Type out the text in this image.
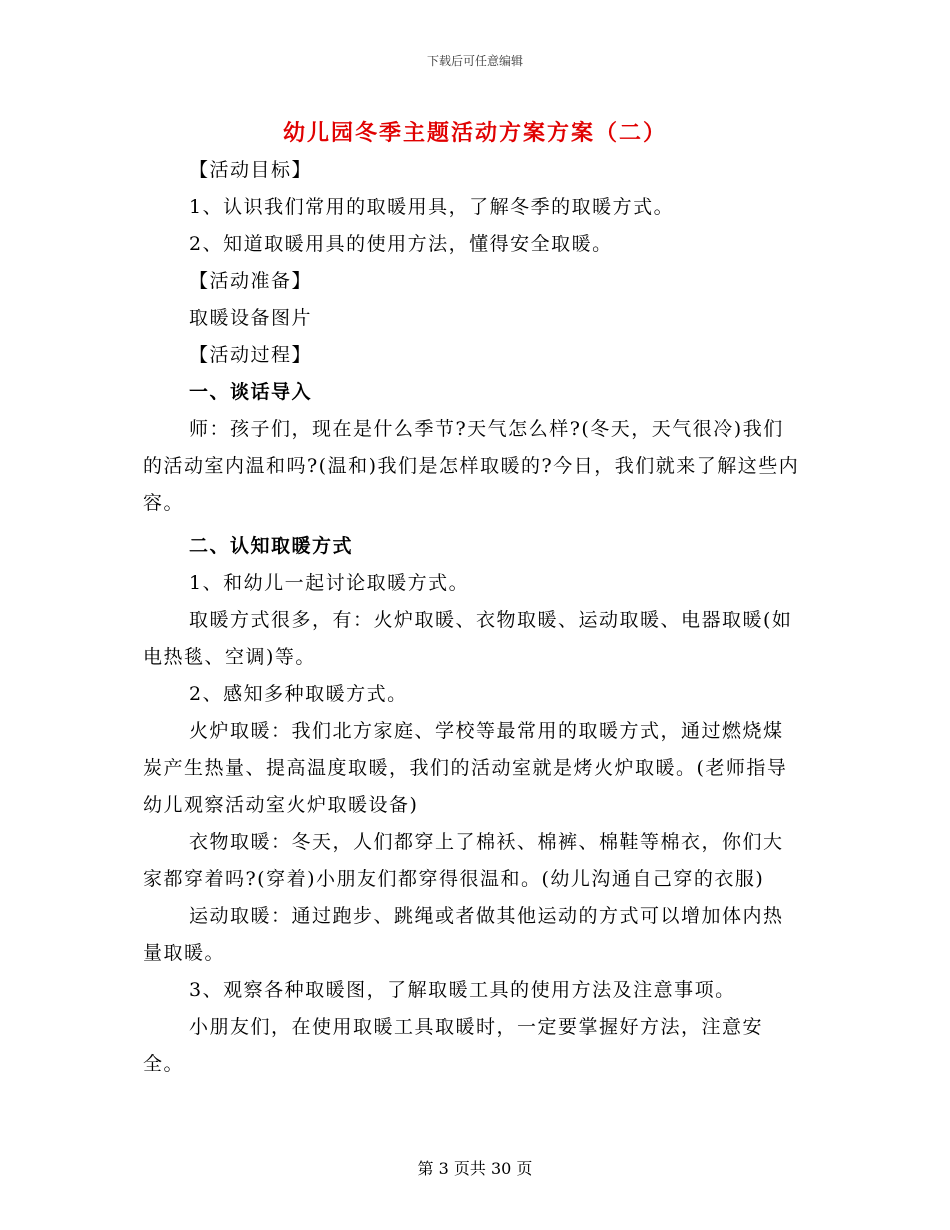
下载后可任意编辑
幼儿园冬季主题活动方案方案（二）

【活动目标】

1、认识我们常用的取暖用具，了解冬季的取暖方式。

2、知道取暖用具的使用方法，懂得安全取暖。

【活动准备】

取暖设备图片

【活动过程】

一、谈话导入

师：孩子们，现在是什么季节?天气怎么样?(冬天，天气很冷)我们的活动室内温和吗?(温和)我们是怎样取暖的?今日，我们就来了解这些内容。

二、认知取暖方式

1、和幼儿一起讨论取暖方式。

取暖方式很多，有：火炉取暖、衣物取暖、运动取暖、电器取暖(如电热毯、空调)等。

2、感知多种取暖方式。

火炉取暖：我们北方家庭、学校等最常用的取暖方式，通过燃烧煤炭产生热量、提高温度取暖，我们的活动室就是烤火炉取暖。(老师指导幼儿观察活动室火炉取暖设备)

衣物取暖：冬天，人们都穿上了棉袄、棉裤、棉鞋等棉衣，你们大家都穿着吗?(穿着)小朋友们都穿得很温和。(幼儿沟通自己穿的衣服)

运动取暖：通过跑步、跳绳或者做其他运动的方式可以增加体内热量取暖。

3、观察各种取暖图，了解取暖工具的使用方法及注意事项。

小朋友们，在使用取暖工具取暖时，一定要掌握好方法，注意安全。

第 3 页共 30 页
